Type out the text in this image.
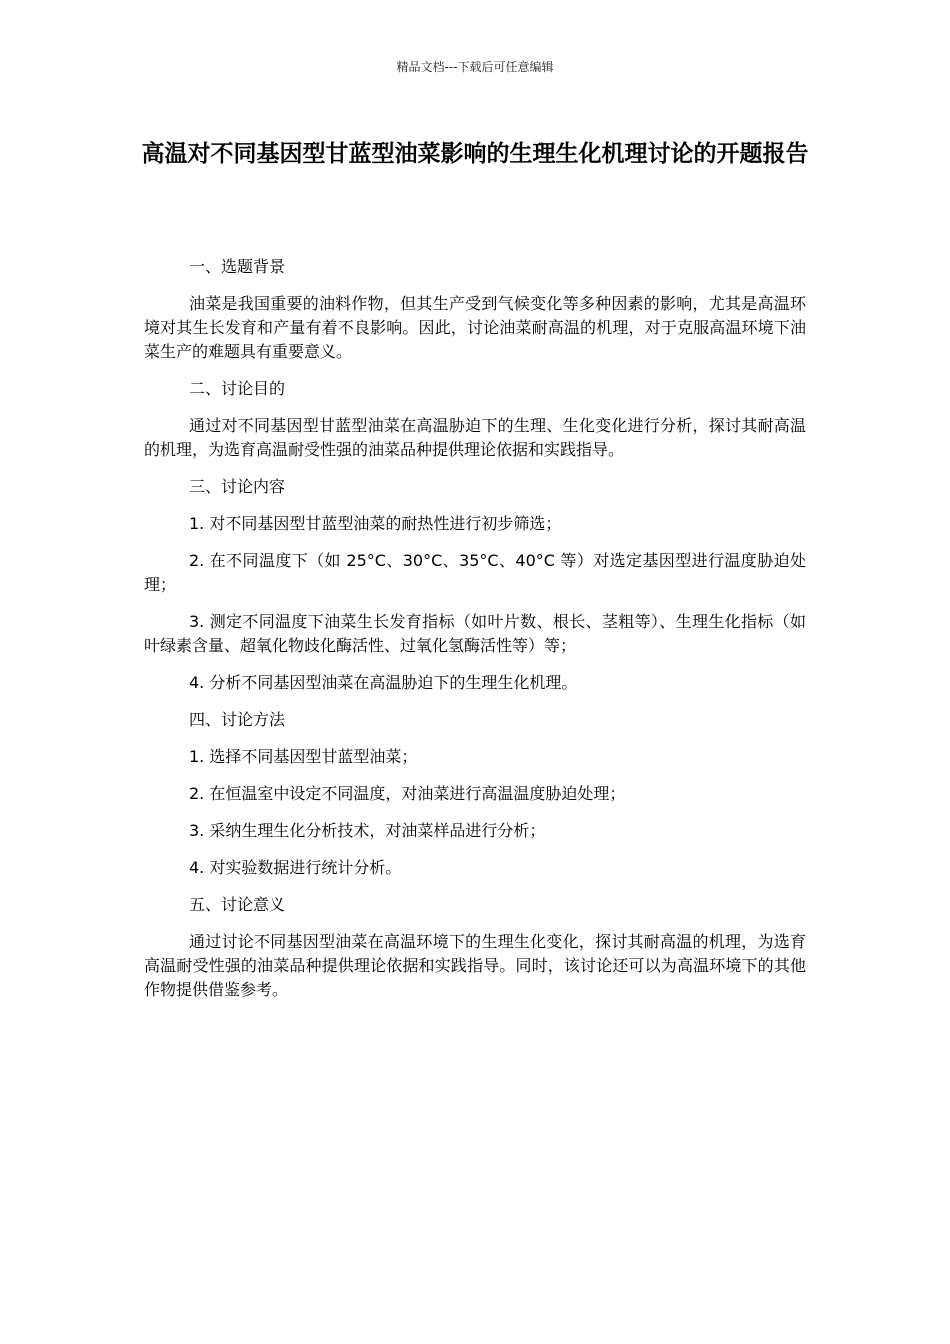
精品文档---下载后可任意编辑
高温对不同基因型甘蓝型油菜影响的生理生化机理讨论的开题报告

一、选题背景

油菜是我国重要的油料作物，但其生产受到气候变化等多种因素的影响，尤其是高温环境对其生长发育和产量有着不良影响。因此，讨论油菜耐高温的机理，对于克服高温环境下油菜生产的难题具有重要意义。

二、讨论目的

通过对不同基因型甘蓝型油菜在高温胁迫下的生理、生化变化进行分析，探讨其耐高温的机理，为选育高温耐受性强的油菜品种提供理论依据和实践指导。

三、讨论内容

1. 对不同基因型甘蓝型油菜的耐热性进行初步筛选；

2. 在不同温度下（如 25°C、30°C、35°C、40°C 等）对选定基因型进行温度胁迫处理；

3. 测定不同温度下油菜生长发育指标（如叶片数、根长、茎粗等）、生理生化指标（如叶绿素含量、超氧化物歧化酶活性、过氧化氢酶活性等）等；

4. 分析不同基因型油菜在高温胁迫下的生理生化机理。

四、讨论方法

1. 选择不同基因型甘蓝型油菜；

2. 在恒温室中设定不同温度，对油菜进行高温温度胁迫处理；

3. 采纳生理生化分析技术，对油菜样品进行分析；

4. 对实验数据进行统计分析。

五、讨论意义

通过讨论不同基因型油菜在高温环境下的生理生化变化，探讨其耐高温的机理，为选育高温耐受性强的油菜品种提供理论依据和实践指导。同时，该讨论还可以为高温环境下的其他作物提供借鉴参考。
